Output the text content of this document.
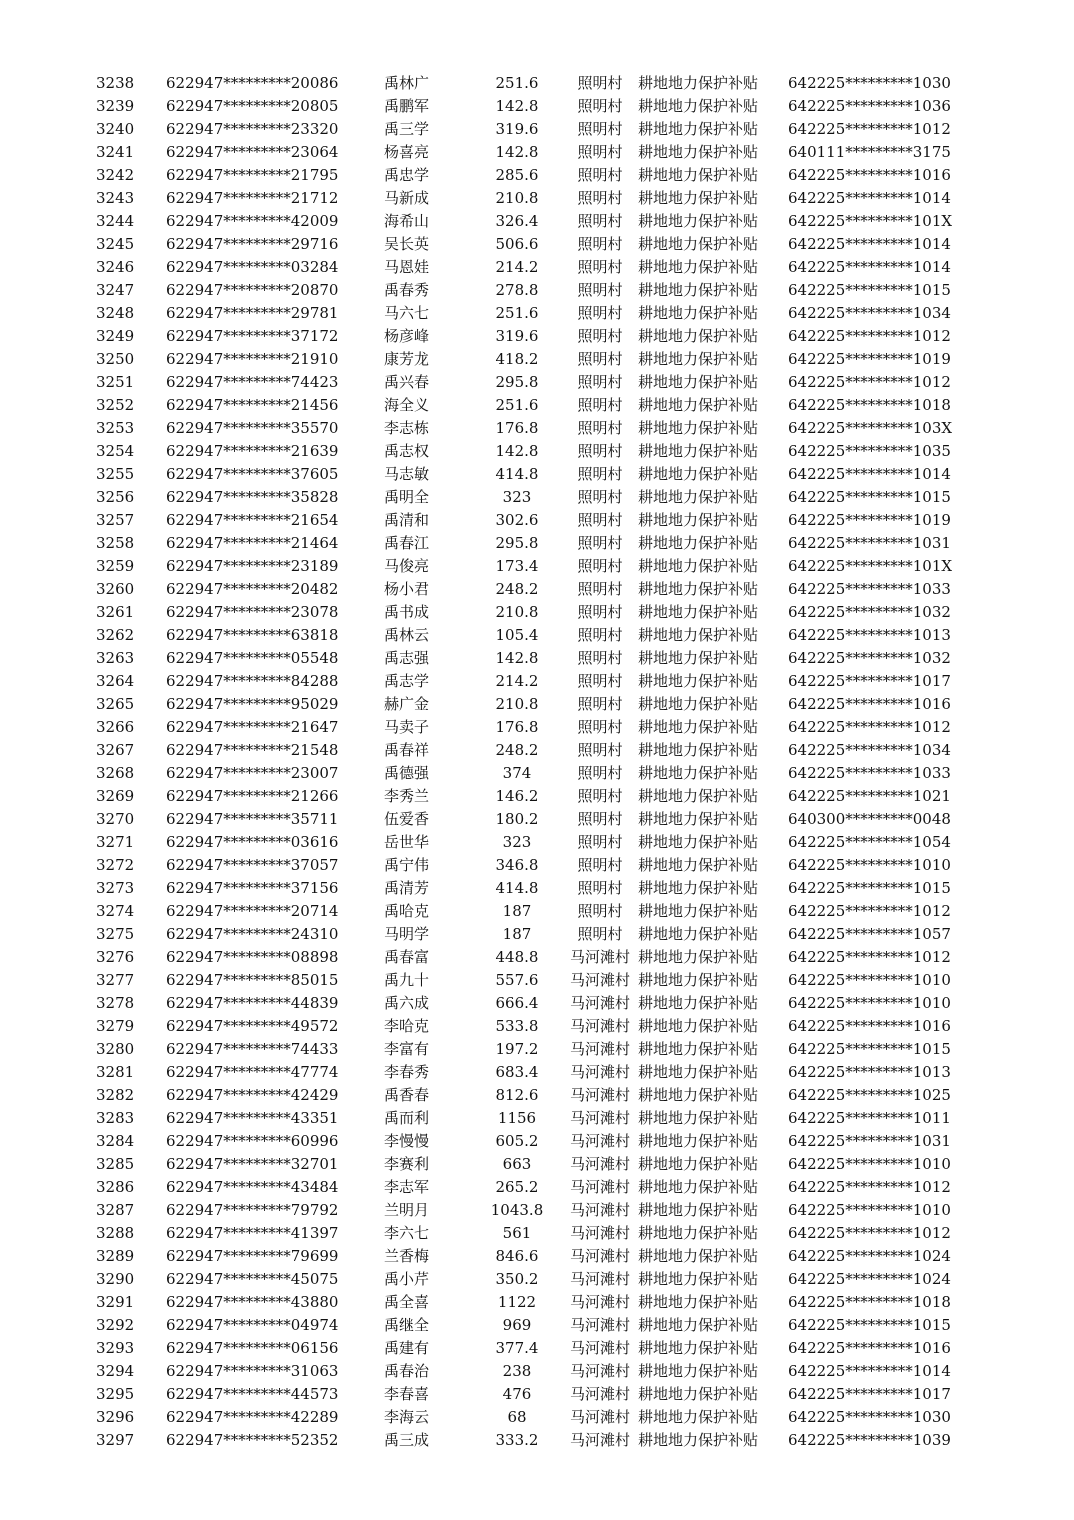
3238	622947*********20086	禹林广	251.6	照明村	耕地地力保护补贴	642225*********1030
3239	622947*********20805	禹鹏军	142.8	照明村	耕地地力保护补贴	642225*********1036
3240	622947*********23320	禹三学	319.6	照明村	耕地地力保护补贴	642225*********1012
3241	622947*********23064	杨喜亮	142.8	照明村	耕地地力保护补贴	640111*********3175
3242	622947*********21795	禹忠学	285.6	照明村	耕地地力保护补贴	642225*********1016
3243	622947*********21712	马新成	210.8	照明村	耕地地力保护补贴	642225*********1014
3244	622947*********42009	海希山	326.4	照明村	耕地地力保护补贴	642225*********101X
3245	622947*********29716	吴长英	506.6	照明村	耕地地力保护补贴	642225*********1014
3246	622947*********03284	马恩娃	214.2	照明村	耕地地力保护补贴	642225*********1014
3247	622947*********20870	禹春秀	278.8	照明村	耕地地力保护补贴	642225*********1015
3248	622947*********29781	马六七	251.6	照明村	耕地地力保护补贴	642225*********1034
3249	622947*********37172	杨彦峰	319.6	照明村	耕地地力保护补贴	642225*********1012
3250	622947*********21910	康芳龙	418.2	照明村	耕地地力保护补贴	642225*********1019
3251	622947*********74423	禹兴春	295.8	照明村	耕地地力保护补贴	642225*********1012
3252	622947*********21456	海全义	251.6	照明村	耕地地力保护补贴	642225*********1018
3253	622947*********35570	李志栋	176.8	照明村	耕地地力保护补贴	642225*********103X
3254	622947*********21639	禹志权	142.8	照明村	耕地地力保护补贴	642225*********1035
3255	622947*********37605	马志敏	414.8	照明村	耕地地力保护补贴	642225*********1014
3256	622947*********35828	禹明全	323	照明村	耕地地力保护补贴	642225*********1015
3257	622947*********21654	禹清和	302.6	照明村	耕地地力保护补贴	642225*********1019
3258	622947*********21464	禹春江	295.8	照明村	耕地地力保护补贴	642225*********1031
3259	622947*********23189	马俊亮	173.4	照明村	耕地地力保护补贴	642225*********101X
3260	622947*********20482	杨小君	248.2	照明村	耕地地力保护补贴	642225*********1033
3261	622947*********23078	禹书成	210.8	照明村	耕地地力保护补贴	642225*********1032
3262	622947*********63818	禹林云	105.4	照明村	耕地地力保护补贴	642225*********1013
3263	622947*********05548	禹志强	142.8	照明村	耕地地力保护补贴	642225*********1032
3264	622947*********84288	禹志学	214.2	照明村	耕地地力保护补贴	642225*********1017
3265	622947*********95029	赫广金	210.8	照明村	耕地地力保护补贴	642225*********1016
3266	622947*********21647	马卖子	176.8	照明村	耕地地力保护补贴	642225*********1012
3267	622947*********21548	禹春祥	248.2	照明村	耕地地力保护补贴	642225*********1034
3268	622947*********23007	禹德强	374	照明村	耕地地力保护补贴	642225*********1033
3269	622947*********21266	李秀兰	146.2	照明村	耕地地力保护补贴	642225*********1021
3270	622947*********35711	伍爱香	180.2	照明村	耕地地力保护补贴	640300*********0048
3271	622947*********03616	岳世华	323	照明村	耕地地力保护补贴	642225*********1054
3272	622947*********37057	禹宁伟	346.8	照明村	耕地地力保护补贴	642225*********1010
3273	622947*********37156	禹清芳	414.8	照明村	耕地地力保护补贴	642225*********1015
3274	622947*********20714	禹哈克	187	照明村	耕地地力保护补贴	642225*********1012
3275	622947*********24310	马明学	187	照明村	耕地地力保护补贴	642225*********1057
3276	622947*********08898	禹春富	448.8	马河滩村	耕地地力保护补贴	642225*********1012
3277	622947*********85015	禹九十	557.6	马河滩村	耕地地力保护补贴	642225*********1010
3278	622947*********44839	禹六成	666.4	马河滩村	耕地地力保护补贴	642225*********1010
3279	622947*********49572	李哈克	533.8	马河滩村	耕地地力保护补贴	642225*********1016
3280	622947*********74433	李富有	197.2	马河滩村	耕地地力保护补贴	642225*********1015
3281	622947*********47774	李春秀	683.4	马河滩村	耕地地力保护补贴	642225*********1013
3282	622947*********42429	禹香春	812.6	马河滩村	耕地地力保护补贴	642225*********1025
3283	622947*********43351	禹而利	1156	马河滩村	耕地地力保护补贴	642225*********1011
3284	622947*********60996	李慢慢	605.2	马河滩村	耕地地力保护补贴	642225*********1031
3285	622947*********32701	李赛利	663	马河滩村	耕地地力保护补贴	642225*********1010
3286	622947*********43484	李志军	265.2	马河滩村	耕地地力保护补贴	642225*********1012
3287	622947*********79792	兰明月	1043.8	马河滩村	耕地地力保护补贴	642225*********1010
3288	622947*********41397	李六七	561	马河滩村	耕地地力保护补贴	642225*********1012
3289	622947*********79699	兰香梅	846.6	马河滩村	耕地地力保护补贴	642225*********1024
3290	622947*********45075	禹小芹	350.2	马河滩村	耕地地力保护补贴	642225*********1024
3291	622947*********43880	禹全喜	1122	马河滩村	耕地地力保护补贴	642225*********1018
3292	622947*********04974	禹继全	969	马河滩村	耕地地力保护补贴	642225*********1015
3293	622947*********06156	禹建有	377.4	马河滩村	耕地地力保护补贴	642225*********1016
3294	622947*********31063	禹春治	238	马河滩村	耕地地力保护补贴	642225*********1014
3295	622947*********44573	李春喜	476	马河滩村	耕地地力保护补贴	642225*********1017
3296	622947*********42289	李海云	68	马河滩村	耕地地力保护补贴	642225*********1030
3297	622947*********52352	禹三成	333.2	马河滩村	耕地地力保护补贴	642225*********1039
